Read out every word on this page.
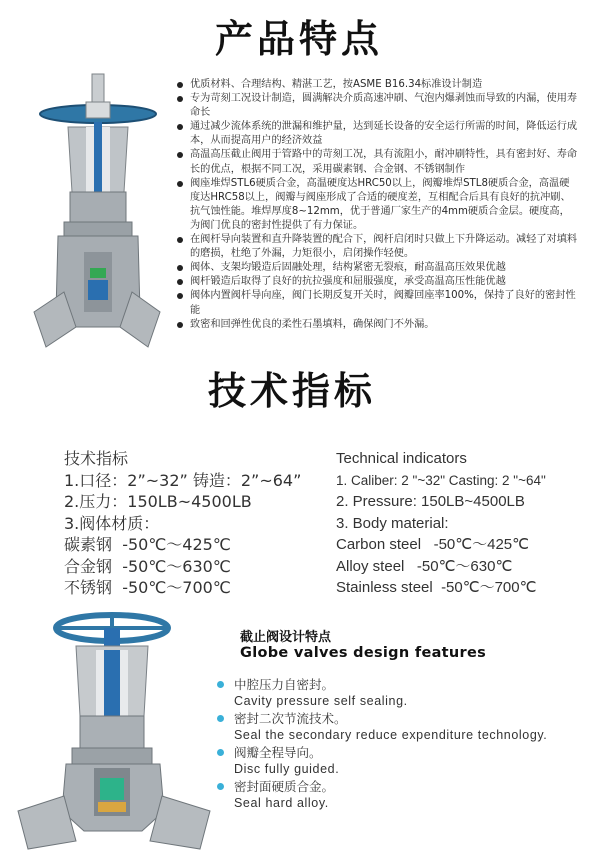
产品特点
优质材料、合理结构、精湛工艺，按ASME B16.34标准设计制造
专为苛刻工况设计制造，圆满解决介质高速冲刷、气泡内爆剥蚀而导致的内漏，使用寿命长
通过减少流体系统的泄漏和维护量，达到延长设备的安全运行所需的时间，降低运行成本，从而提高用户的经济效益
高温高压截止阀用于管路中的苛刻工况，具有流阻小，耐冲刷特性，具有密封好、寿命长的优点，根据不同工况，采用碳素钢、合金钢、不锈钢制作
阀座堆焊STL6硬质合金，高温硬度达HRC50以上，阀瓣堆焊STL8硬质合金，高温硬度达HRC58以上，阀瓣与阀座形成了合适的硬度差，互相配合后具有良好的抗冲刷、抗气蚀性能。堆焊厚度8~12mm，优于普通厂家生产的4mm硬质合金层。硬度高，为阀门优良的密封性提供了有力保证。
在阀杆导向装置和直升降装置的配合下，阀杆启闭时只做上下升降运动。减轻了对填料的磨损，杜绝了外漏，力矩很小，启闭操作轻便。
阀体、支架均锻造后固融处理，结构紧密无裂痕，耐高温高压效果优越
阀杆锻造后取得了良好的抗拉强度和屈服强度，承受高温高压性能优越
阀体内置阀杆导向座，阀门长期反复开关时，阀瓣回座率100%，保持了良好的密封性能
致密和回弹性优良的柔性石墨填料，确保阀门不外漏。
技术指标
技术指标
1.口径：2”~32” 铸造：2”~64”
2.压力：150LB~4500LB
3.阀体材质：
碳素钢 -50℃～425℃
合金钢 -50℃～630℃
不锈钢 -50℃～700℃
Technical indicators
1. Caliber: 2 "~32" Casting: 2 "~64"
2. Pressure: 150LB~4500LB
3. Body material:
Carbon steel -50℃～425℃
Alloy steel -50℃～630℃
Stainless steel -50℃～700℃
截止阀设计特点
Globe valves design features
中腔压力自密封。
Cavity pressure self sealing.
密封二次节流技术。
Seal the secondary reduce expenditure technology.
阀瓣全程导向。
Disc fully guided.
密封面硬质合金。
Seal hard alloy.
